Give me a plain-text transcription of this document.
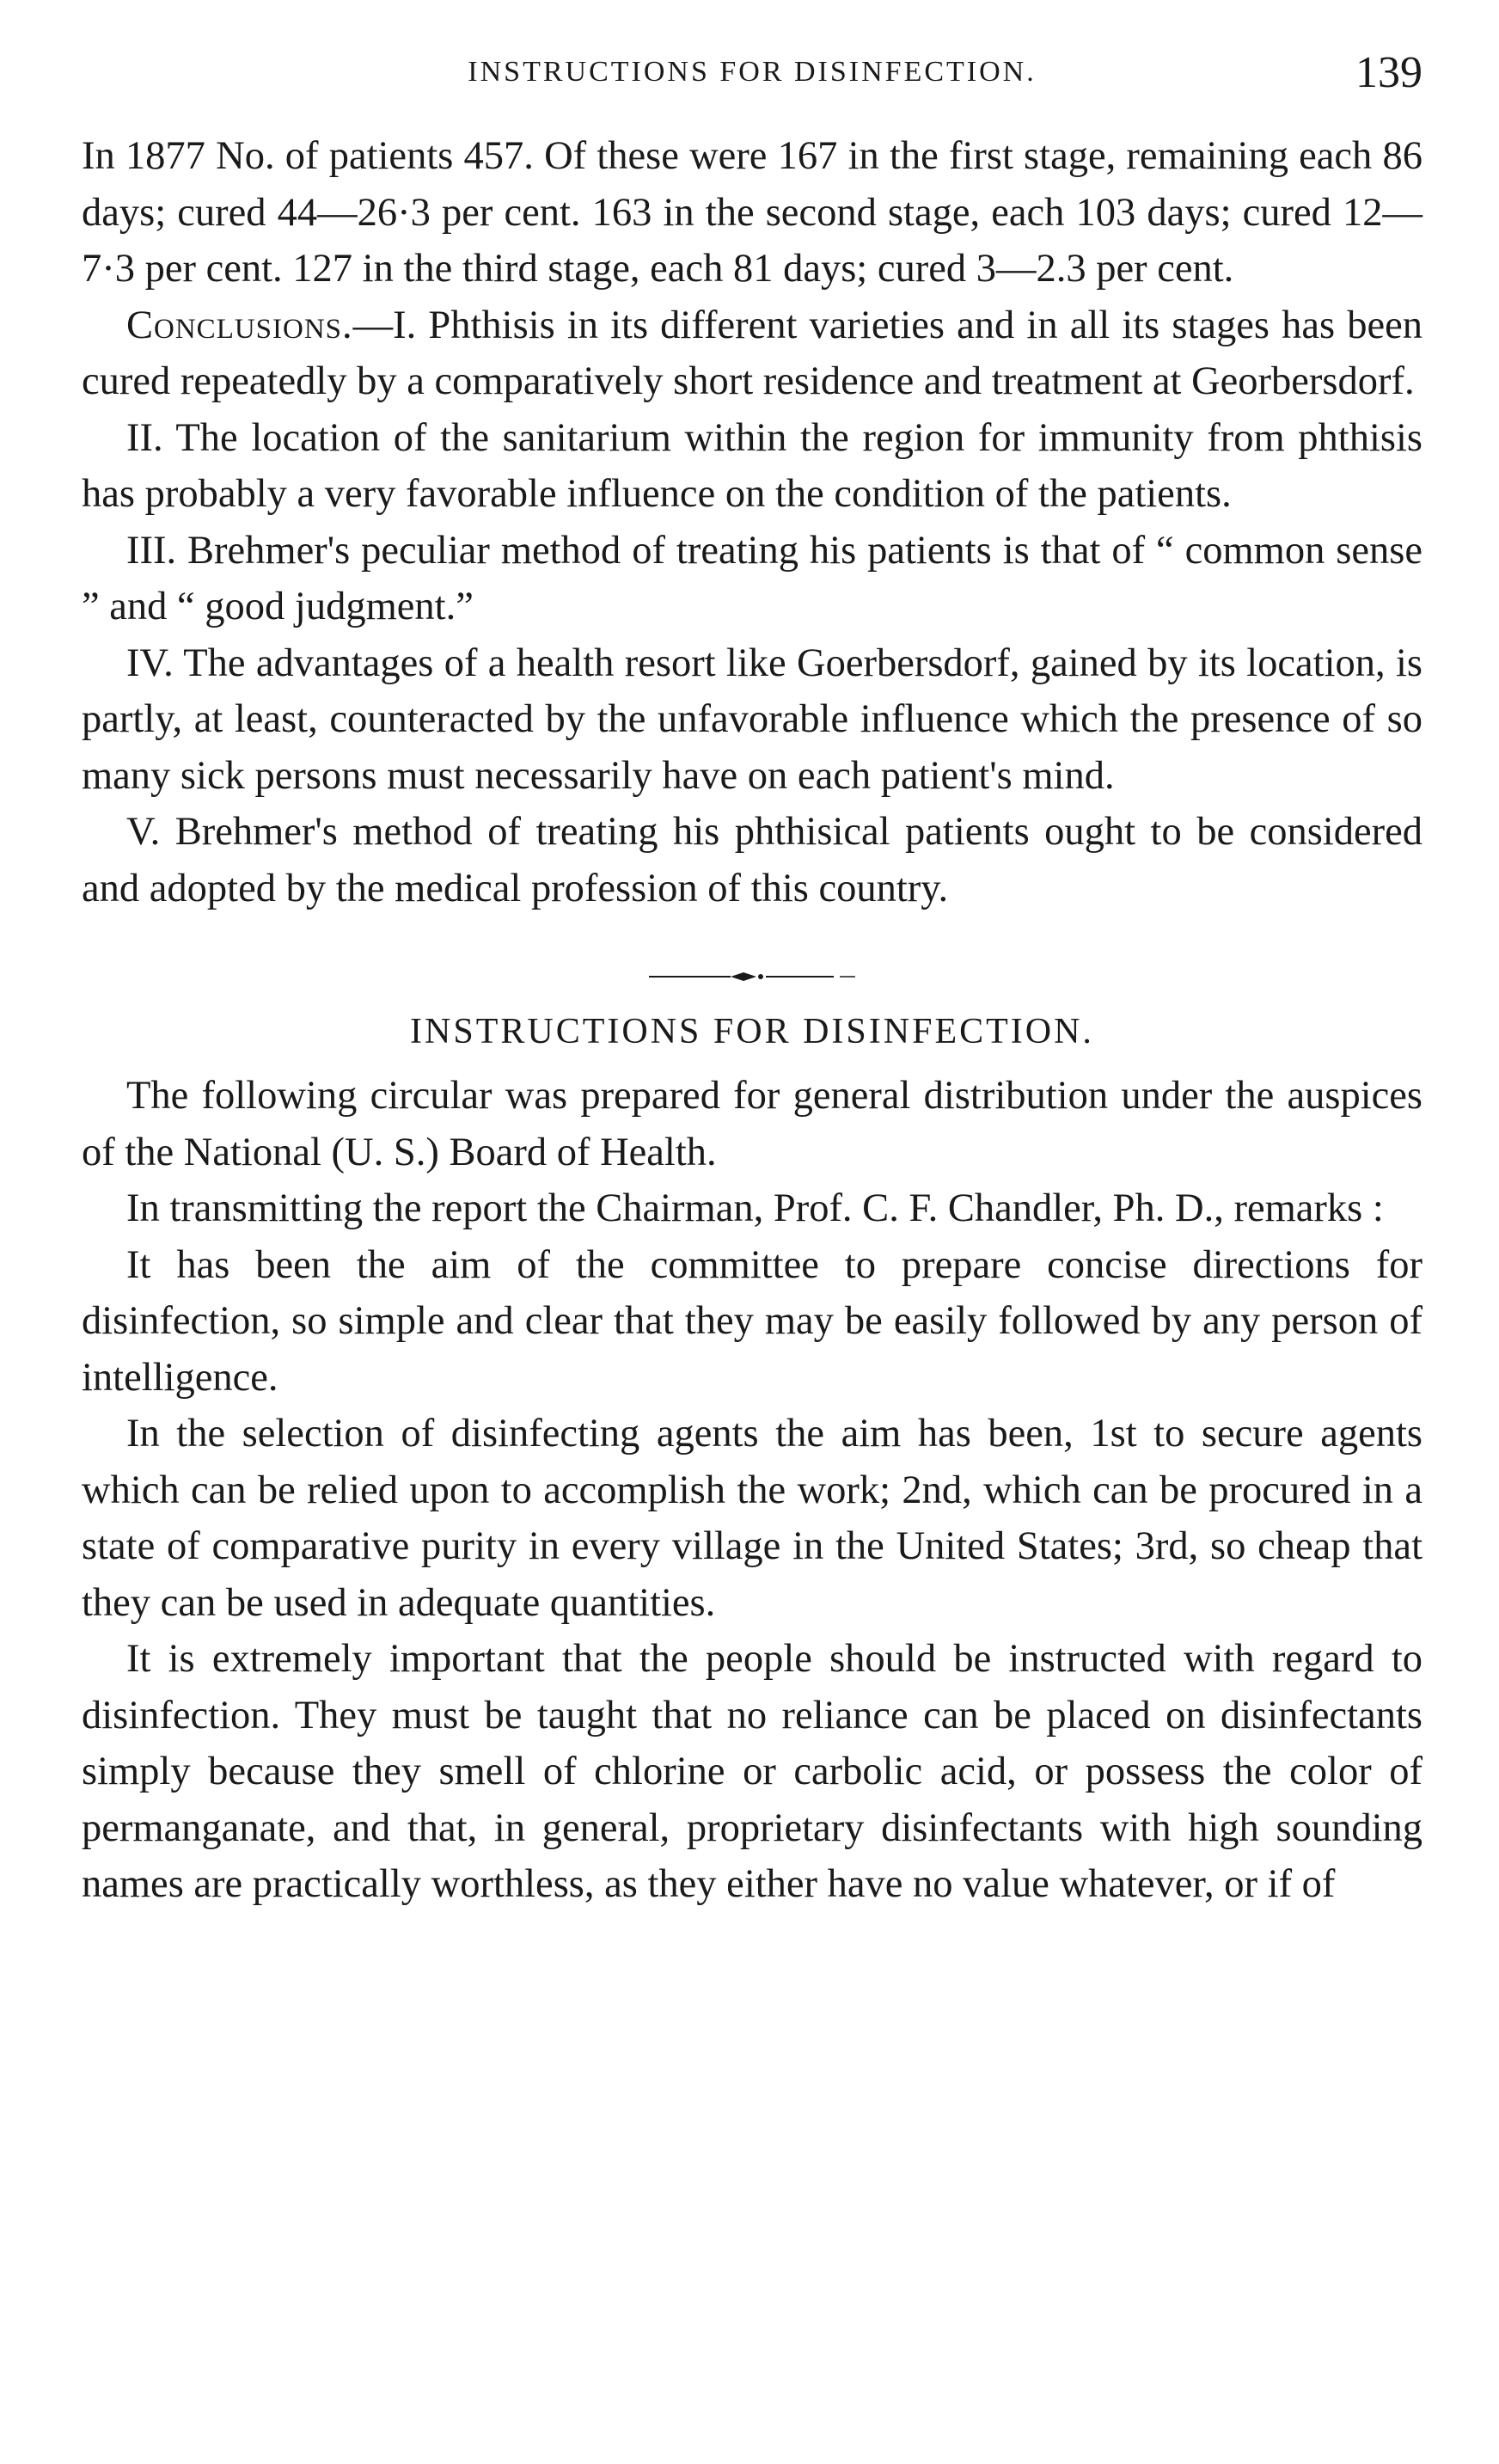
INSTRUCTIONS FOR DISINFECTION.	139

In 1877 No. of patients 457. Of these were 167 in the first stage, remaining each 86 days; cured 44—26·3 per cent. 163 in the second stage, each 103 days; cured 12—7·3 per cent. 127 in the third stage, each 81 days; cured 3—2.3 per cent.

Conclusions.—I. Phthisis in its different varieties and in all its stages has been cured repeatedly by a comparatively short residence and treatment at Georbersdorf.

II. The location of the sanitarium within the region for immunity from phthisis has probably a very favorable influence on the condition of the patients.

III. Brehmer's peculiar method of treating his patients is that of “ common sense ” and “ good judgment.”

IV. The advantages of a health resort like Goerbersdorf, gained by its location, is partly, at least, counteracted by the unfavorable influence which the presence of so many sick persons must necessarily have on each patient's mind.

V. Brehmer's method of treating his phthisical patients ought to be considered and adopted by the medical profession of this country.

INSTRUCTIONS FOR DISINFECTION.

The following circular was prepared for general distribution under the auspices of the National (U. S.) Board of Health.

In transmitting the report the Chairman, Prof. C. F. Chandler, Ph. D., remarks :

It has been the aim of the committee to prepare concise directions for disinfection, so simple and clear that they may be easily followed by any person of intelligence.

In the selection of disinfecting agents the aim has been, 1st to secure agents which can be relied upon to accomplish the work; 2nd, which can be procured in a state of comparative purity in every village in the United States; 3rd, so cheap that they can be used in adequate quantities.

It is extremely important that the people should be instructed with regard to disinfection. They must be taught that no reliance can be placed on disinfectants simply because they smell of chlorine or carbolic acid, or possess the color of permanganate, and that, in general, proprietary disinfectants with high sounding names are practically worthless, as they either have no value whatever, or if of
